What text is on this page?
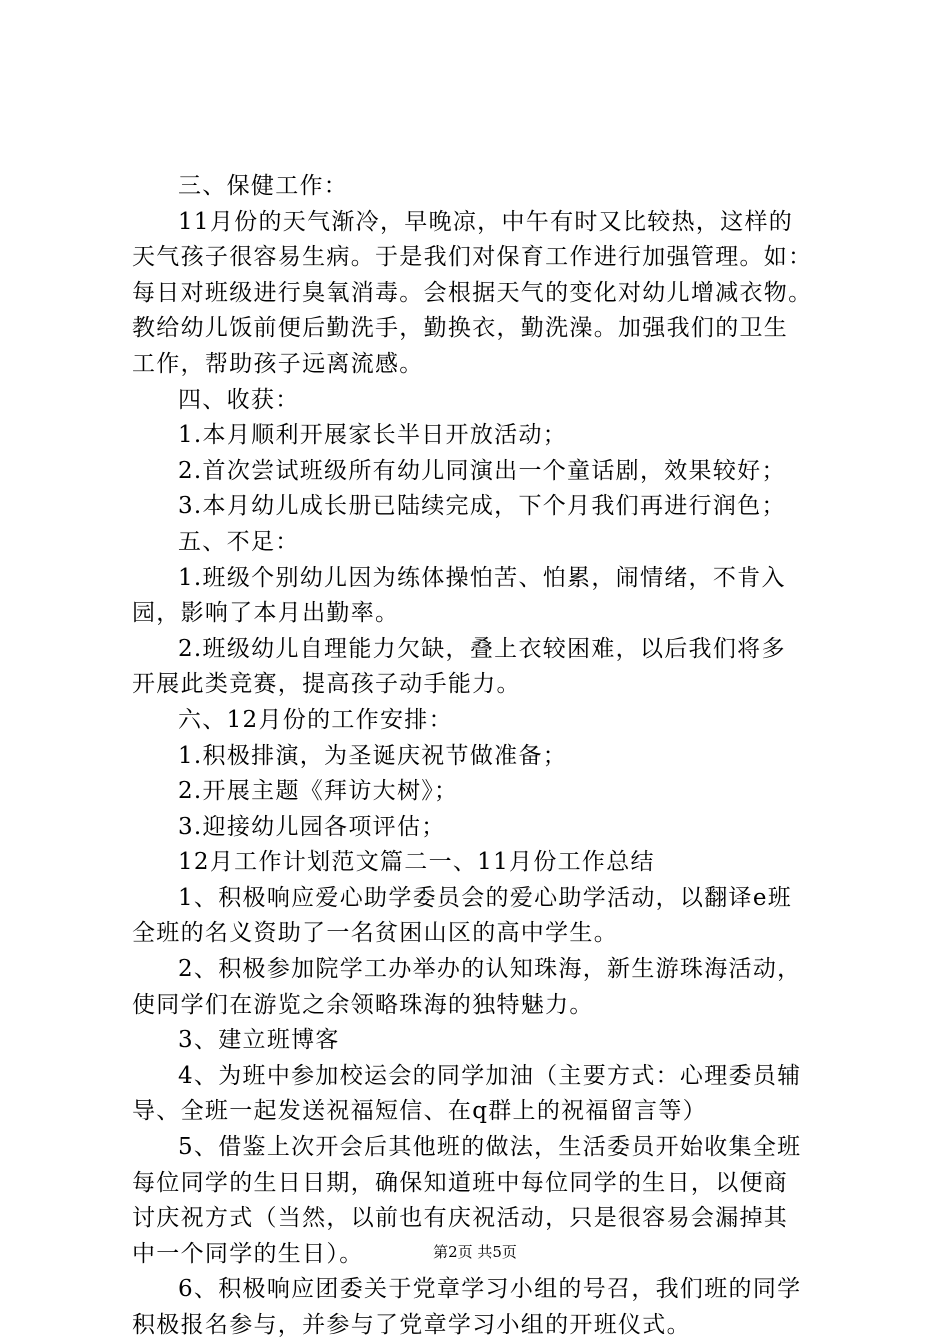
三、保健工作：
11月份的天气渐冷，早晚凉，中午有时又比较热，这样的
天气孩子很容易生病。于是我们对保育工作进行加强管理。如：
每日对班级进行臭氧消毒。会根据天气的变化对幼儿增减衣物。
教给幼儿饭前便后勤洗手，勤换衣，勤洗澡。加强我们的卫生
工作，帮助孩子远离流感。
四、收获：
1.本月顺利开展家长半日开放活动；
2.首次尝试班级所有幼儿同演出一个童话剧，效果较好；
3.本月幼儿成长册已陆续完成，下个月我们再进行润色；
五、不足：
1.班级个别幼儿因为练体操怕苦、怕累，闹情绪，不肯入
园，影响了本月出勤率。
2.班级幼儿自理能力欠缺，叠上衣较困难，以后我们将多
开展此类竞赛，提高孩子动手能力。
六、12月份的工作安排：
1.积极排演，为圣诞庆祝节做准备；
2.开展主题《拜访大树》；
3.迎接幼儿园各项评估；
12月工作计划范文篇二一、11月份工作总结
1、积极响应爱心助学委员会的爱心助学活动，以翻译e班
全班的名义资助了一名贫困山区的高中学生。
2、积极参加院学工办举办的认知珠海，新生游珠海活动，
使同学们在游览之余领略珠海的独特魅力。
3、建立班博客
4、为班中参加校运会的同学加油（主要方式：心理委员辅
导、全班一起发送祝福短信、在q群上的祝福留言等）
5、借鉴上次开会后其他班的做法，生活委员开始收集全班
每位同学的生日日期，确保知道班中每位同学的生日，以便商
讨庆祝方式（当然，以前也有庆祝活动，只是很容易会漏掉其
中一个同学的生日）。
6、积极响应团委关于党章学习小组的号召，我们班的同学
积极报名参与，并参与了党章学习小组的开班仪式。
第2页 共5页
